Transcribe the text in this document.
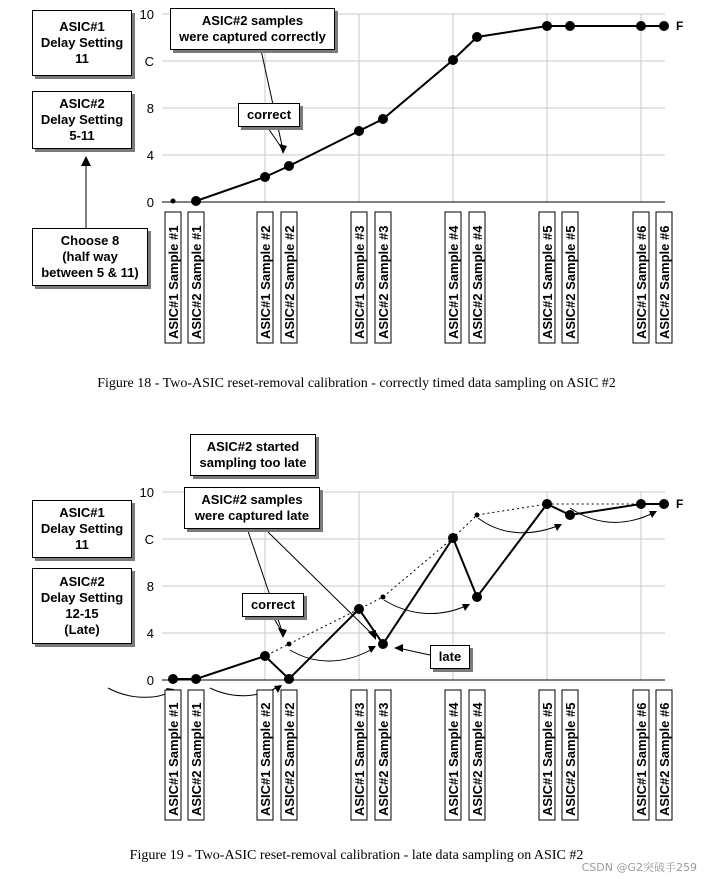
10
C
8
4
0
F
10
C
8
4
0
F
ASIC#1 Sample #1 ASIC#2 Sample #1	ASIC#1 Sample #2 ASIC#2 Sample #2	ASIC#1 Sample #3 ASIC#2 Sample #3	ASIC#1 Sample #4 ASIC#2 Sample #4	ASIC#1 Sample #5 ASIC#2 Sample #5	ASIC#1 Sample #6 ASIC#2 Sample #6
ASIC#1 Sample #1 ASIC#2 Sample #1	ASIC#1 Sample #2 ASIC#2 Sample #2	ASIC#1 Sample #3 ASIC#2 Sample #3	ASIC#1 Sample #4 ASIC#2 Sample #4	ASIC#1 Sample #5 ASIC#2 Sample #5	ASIC#1 Sample #6 ASIC#2 Sample #6
ASIC#1
Delay Setting
11
ASIC#2
Delay Setting
5-11
ASIC#2 samples
were captured correctly
correct
Choose 8
(half way
between 5 & 11)
Figure 18 - Two-ASIC reset-removal calibration - correctly timed data sampling on ASIC #2
ASIC#2 started
sampling too late
ASIC#2 samples
were captured late
ASIC#1
Delay Setting
11
ASIC#2
Delay Setting
12-15
(Late)
correct
late
Figure 19 - Two-ASIC reset-removal calibration - late data sampling on ASIC #2
CSDN @G2突破手259
